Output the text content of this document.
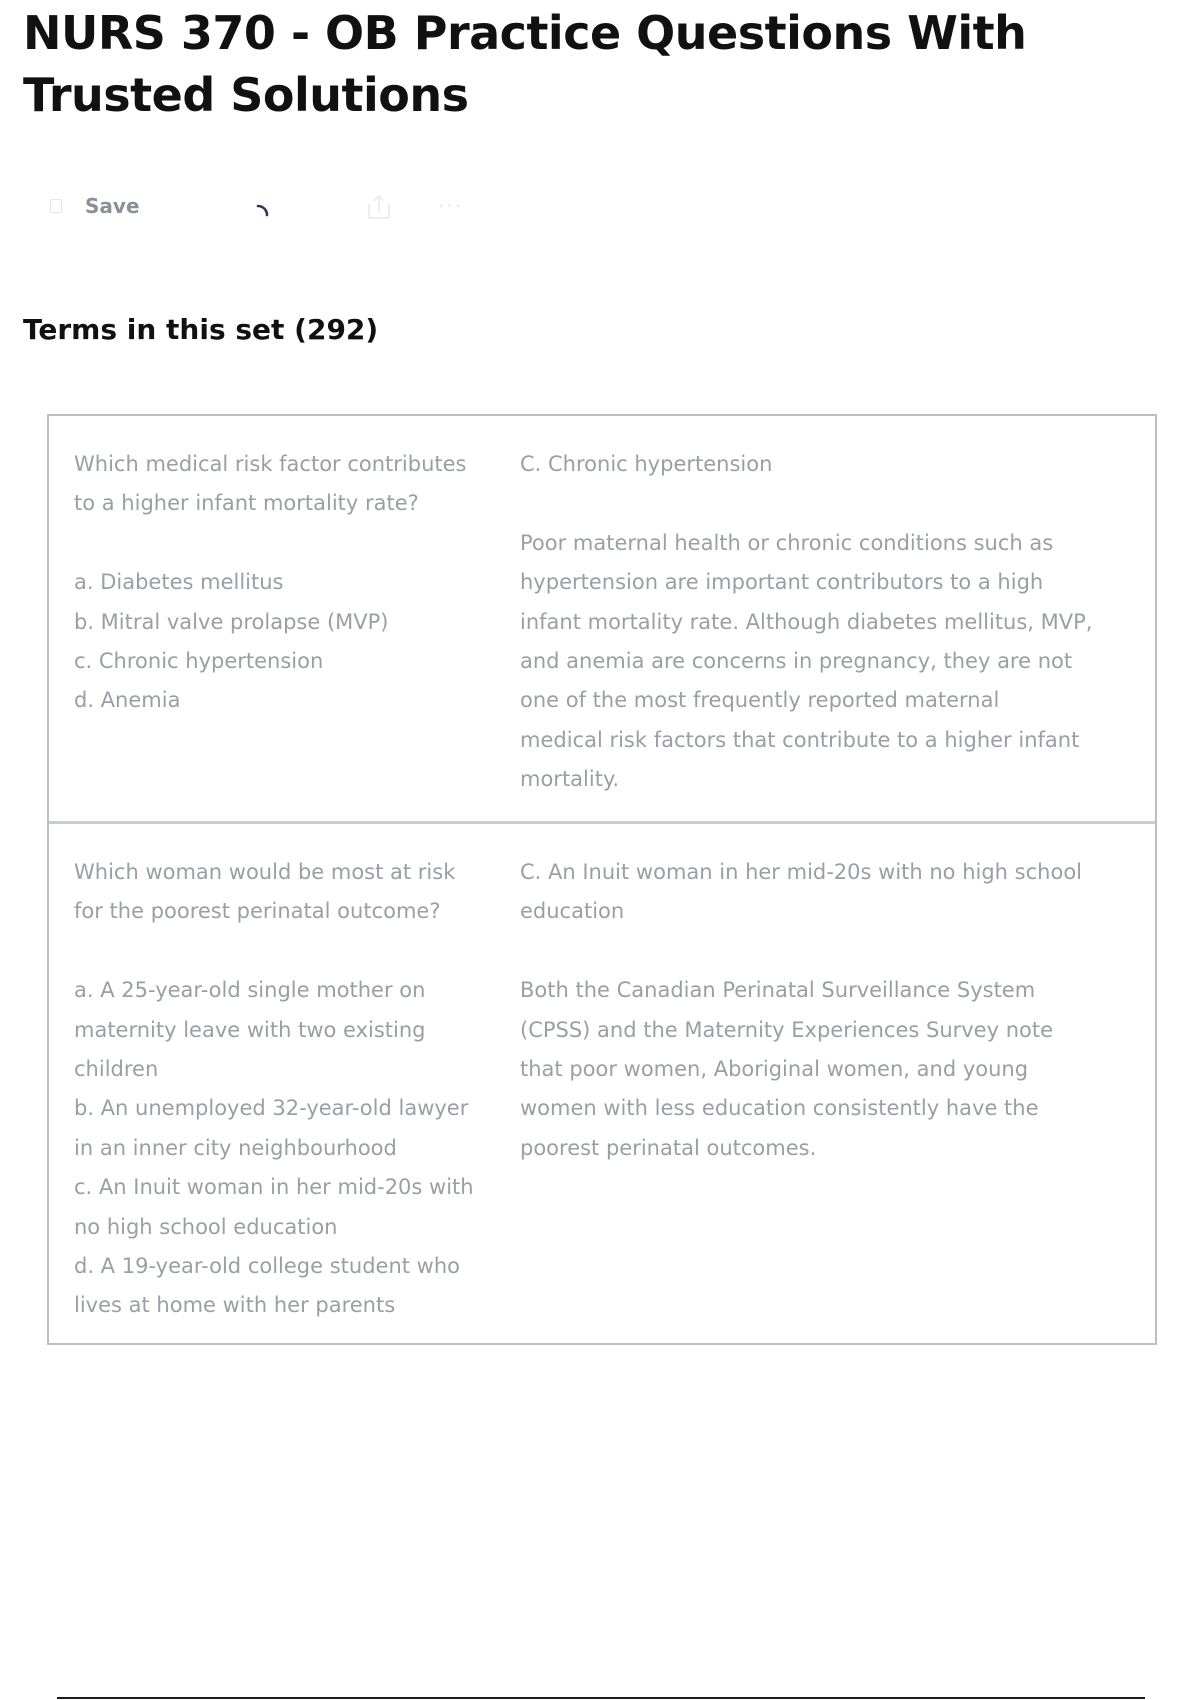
NURS 370 - OB Practice Questions With Trusted Solutions
Save	···
Terms in this set (292)
Which medical risk factor contributes
to a higher infant mortality rate?

a. Diabetes mellitus
b. Mitral valve prolapse (MVP)
c. Chronic hypertension
d. Anemia
C. Chronic hypertension

Poor maternal health or chronic conditions such as
hypertension are important contributors to a high
infant mortality rate. Although diabetes mellitus, MVP,
and anemia are concerns in pregnancy, they are not
one of the most frequently reported maternal
medical risk factors that contribute to a higher infant
mortality.
Which woman would be most at risk
for the poorest perinatal outcome?

a. A 25-year-old single mother on
maternity leave with two existing
children
b. An unemployed 32-year-old lawyer
in an inner city neighbourhood
c. An Inuit woman in her mid-20s with
no high school education
d. A 19-year-old college student who
lives at home with her parents
C. An Inuit woman in her mid-20s with no high school
education

Both the Canadian Perinatal Surveillance System
(CPSS) and the Maternity Experiences Survey note
that poor women, Aboriginal women, and young
women with less education consistently have the
poorest perinatal outcomes.
